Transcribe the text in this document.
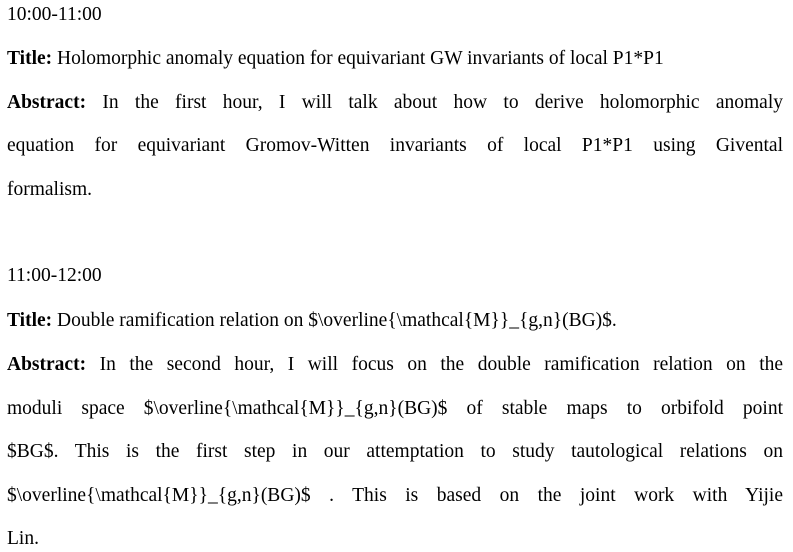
10:00-11:00
Title: Holomorphic anomaly equation for equivariant GW invariants of local P1*P1
Abstract: In the first hour, I will talk about how to derive holomorphic anomaly
equation for equivariant Gromov-Witten invariants of local P1*P1 using Givental
formalism.
11:00-12:00
Title: Double ramification relation on $\overline{\mathcal{M}}_{g,n}(BG)$.
Abstract: In the second hour, I will focus on the double ramification relation on the
moduli space $\overline{\mathcal{M}}_{g,n}(BG)$ of stable maps to orbifold point
$BG$. This is the first step in our attemptation to study tautological relations on
$\overline{\mathcal{M}}_{g,n}(BG)$ . This is based on the joint work with Yijie
Lin.
